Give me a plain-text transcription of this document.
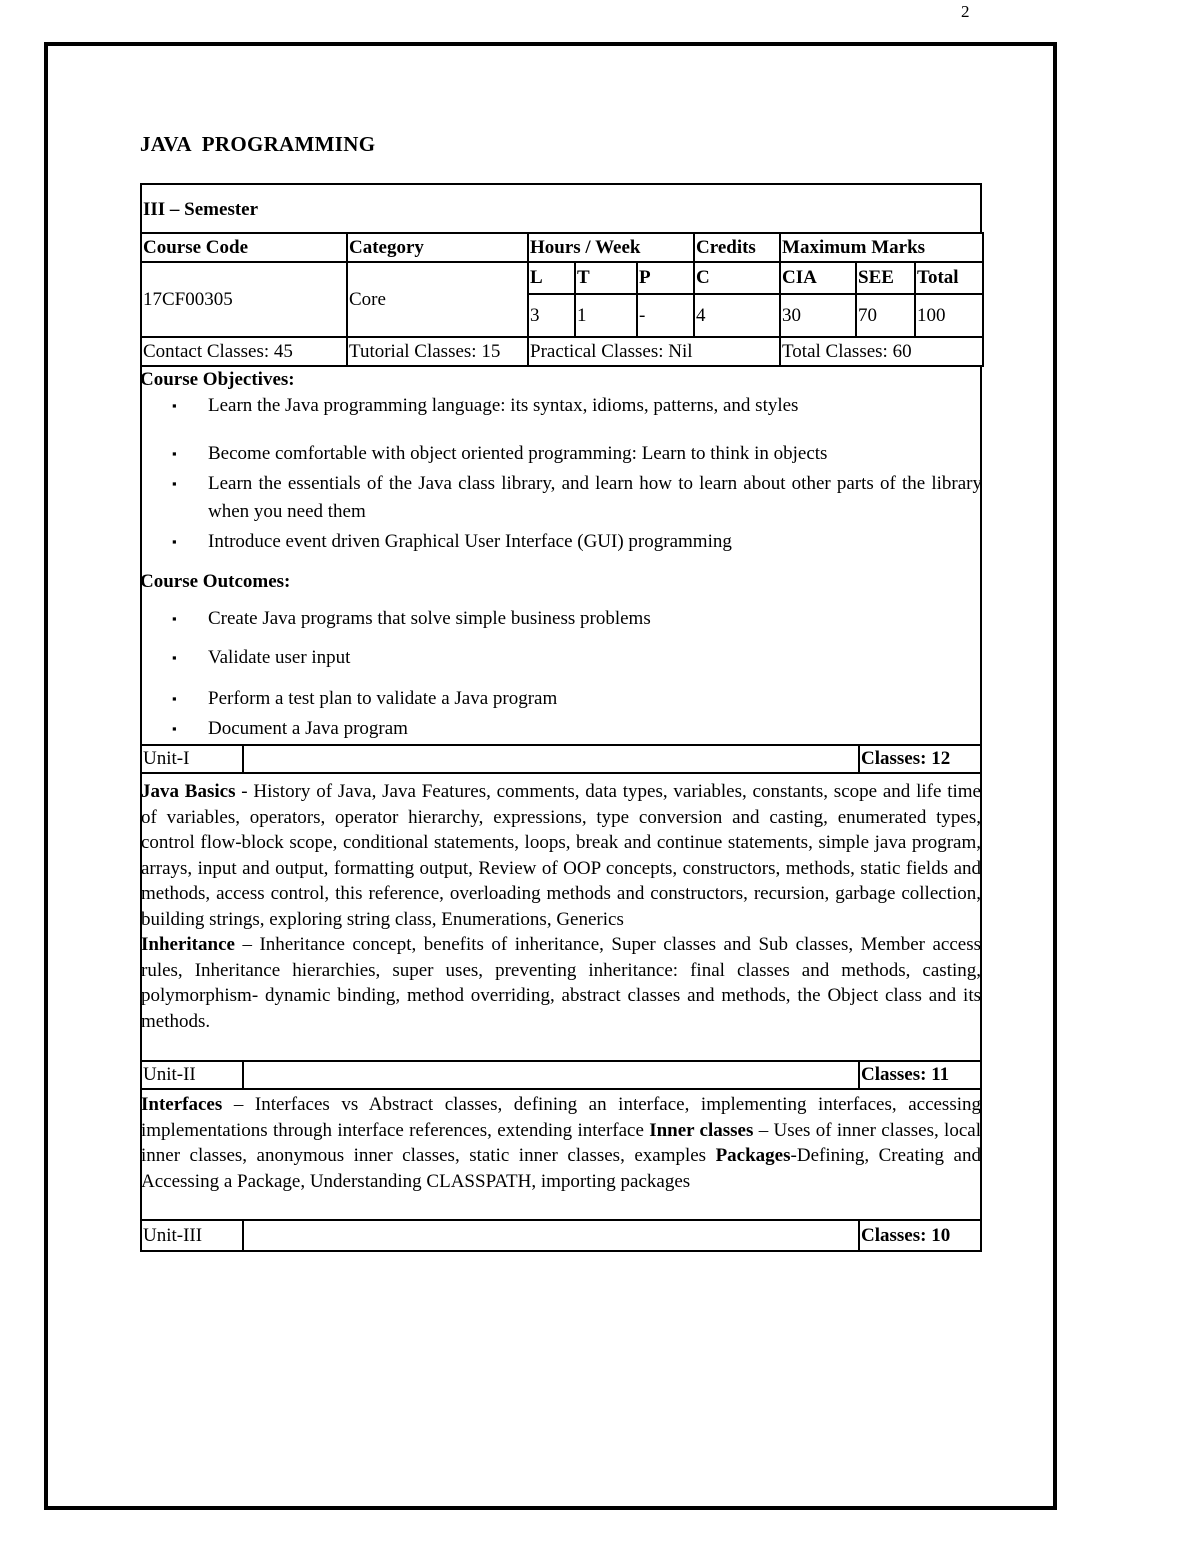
2
JAVA  PROGRAMMING
III – Semester
Course Code	Category	Hours / Week			Credits	Maximum Marks		
17CF00305	Core	L	T	P	C	CIA	SEE	Total
		3	1	-	4	30	70	100
Contact Classes: 45	Tutorial Classes: 15	Practical Classes: Nil				Total Classes: 60		
Course Objectives:
▪	Learn the Java programming language: its syntax, idioms, patterns, and styles
▪	Become comfortable with object oriented programming: Learn to think in objects
▪	Learn the essentials of the Java class library, and learn how to learn about other parts of the library when you need them
▪	Introduce event driven Graphical User Interface (GUI) programming
Course Outcomes:
▪	Create Java programs that solve simple business problems
▪	Validate user input
▪	Perform a test plan to validate a Java program
▪	Document a Java program
Unit-I	Classes: 12

Java Basics - History of Java, Java Features, comments, data types, variables, constants, scope and life time of variables, operators, operator hierarchy, expressions, type conversion and casting, enumerated types, control flow-block scope, conditional statements, loops, break and continue statements, simple java program, arrays, input and output, formatting output, Review of OOP concepts, constructors, methods, static fields and methods, access control, this reference, overloading methods and constructors, recursion, garbage collection, building strings, exploring string class, Enumerations, Generics

Inheritance – Inheritance concept, benefits of inheritance, Super classes and Sub classes, Member access rules, Inheritance hierarchies, super uses, preventing inheritance: final classes and methods, casting, polymorphism- dynamic binding, method overriding, abstract classes and methods, the Object class and its methods.

Unit-II	Classes: 11

Interfaces – Interfaces vs Abstract classes, defining an interface, implementing interfaces, accessing implementations through interface references, extending interface Inner classes – Uses of inner classes, local inner classes, anonymous inner classes, static inner classes, examples Packages-Defining, Creating and Accessing a Package, Understanding CLASSPATH, importing packages

Unit-III	Classes: 10
